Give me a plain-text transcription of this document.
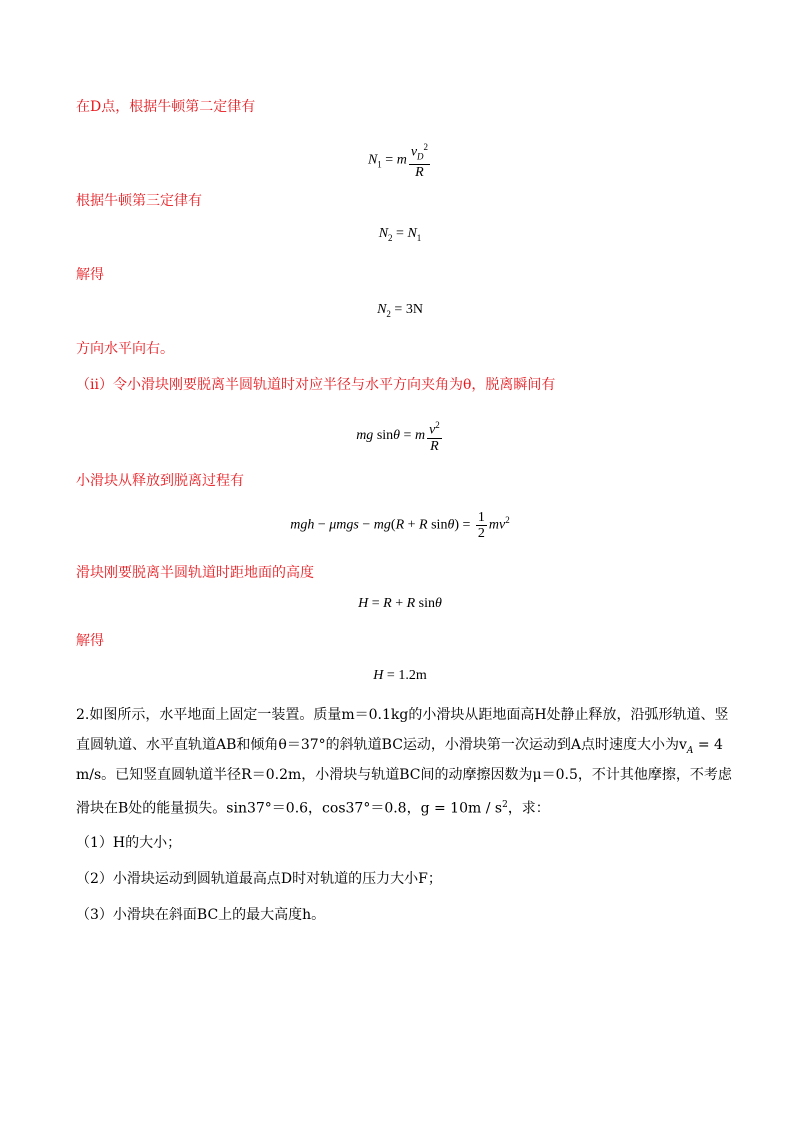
在D点，根据牛顿第二定律有
$N_1 = m \frac{v_D^2}{R}$
根据牛顿第三定律有
$N_2 = N_1$
解得
$N_2 = 3N$
方向水平向右。
（ⅱ）令小滑块刚要脱离半圆轨道时对应半径与水平方向夹角为θ，脱离瞬间有
mg sinθ = m $\frac{v^2}{R}$
小滑块从释放到脱离过程有
mgh − μmgs − mg(R + R $\sin\theta) = \frac{1}{2} mv^2$
滑块刚要脱离半圆轨道时距地面的高度
H = R + R sinθ
解得
H = 1.2m
2.如图所示，水平地面上固定一装置。质量m＝0.1kg的小滑块从距地面高H处静止释放，沿弧形轨道、竖
直圆轨道、水平直轨道AB和倾角θ＝37°的斜轨道BC运动，小滑块第一次运动到A点时速度大小为$v_A = 4$
m/s。已知竖直圆轨道半径R＝0.2m，小滑块与轨道BC间的动摩擦因数为μ＝0.5，不计其他摩擦，不考虑
滑块在B处的能量损失。sin37°＝0.6，cos37°＝0.8，$g = 10m / s^2$，求：
（1）H的大小；
（2）小滑块运动到圆轨道最高点D时对轨道的压力大小F；
（3）小滑块在斜面BC上的最大高度h。
